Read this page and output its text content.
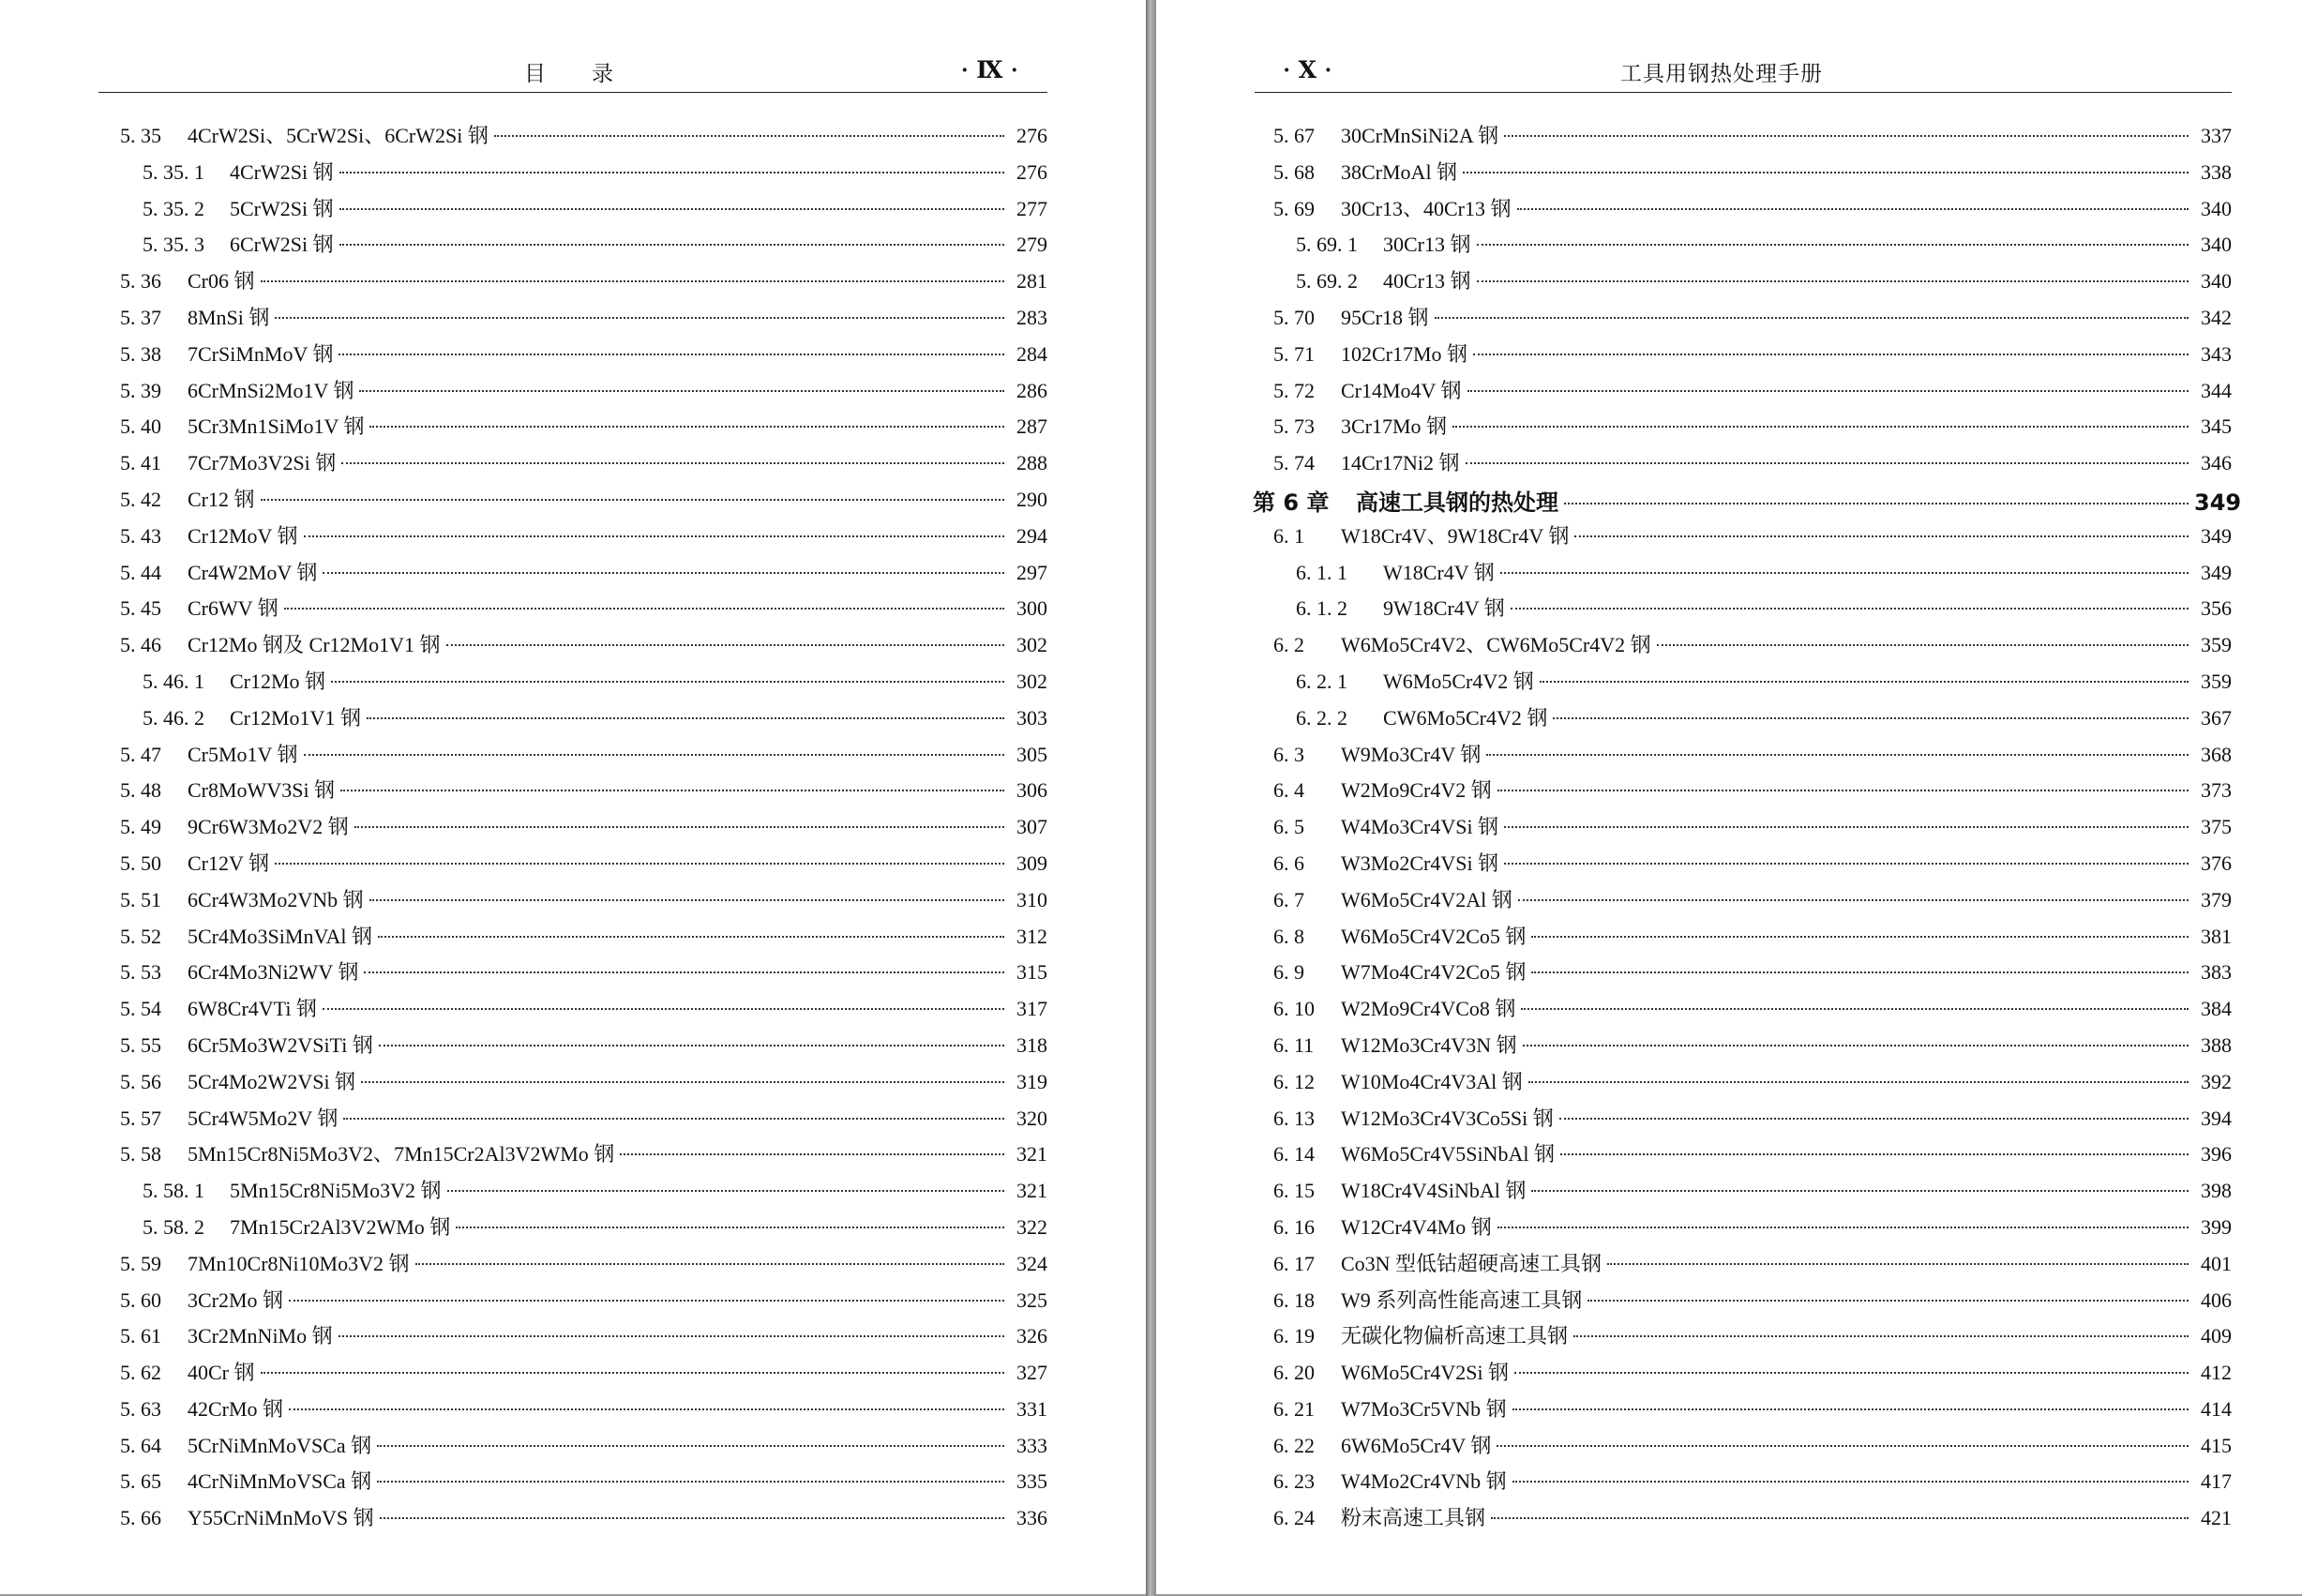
目　　录	· Ⅸ ·
5. 35	4CrW2Si、5CrW2Si、6CrW2Si 钢	276
5. 35. 1	4CrW2Si 钢	276
5. 35. 2	5CrW2Si 钢	277
5. 35. 3	6CrW2Si 钢	279
5. 36	Cr06 钢	281
5. 37	8MnSi 钢	283
5. 38	7CrSiMnMoV 钢	284
5. 39	6CrMnSi2Mo1V 钢	286
5. 40	5Cr3Mn1SiMo1V 钢	287
5. 41	7Cr7Mo3V2Si 钢	288
5. 42	Cr12 钢	290
5. 43	Cr12MoV 钢	294
5. 44	Cr4W2MoV 钢	297
5. 45	Cr6WV 钢	300
5. 46	Cr12Mo 钢及 Cr12Mo1V1 钢	302
5. 46. 1	Cr12Mo 钢	302
5. 46. 2	Cr12Mo1V1 钢	303
5. 47	Cr5Mo1V 钢	305
5. 48	Cr8MoWV3Si 钢	306
5. 49	9Cr6W3Mo2V2 钢	307
5. 50	Cr12V 钢	309
5. 51	6Cr4W3Mo2VNb 钢	310
5. 52	5Cr4Mo3SiMnVAl 钢	312
5. 53	6Cr4Mo3Ni2WV 钢	315
5. 54	6W8Cr4VTi 钢	317
5. 55	6Cr5Mo3W2VSiTi 钢	318
5. 56	5Cr4Mo2W2VSi 钢	319
5. 57	5Cr4W5Mo2V 钢	320
5. 58	5Mn15Cr8Ni5Mo3V2、7Mn15Cr2Al3V2WMo 钢	321
5. 58. 1	5Mn15Cr8Ni5Mo3V2 钢	321
5. 58. 2	7Mn15Cr2Al3V2WMo 钢	322
5. 59	7Mn10Cr8Ni10Mo3V2 钢	324
5. 60	3Cr2Mo 钢	325
5. 61	3Cr2MnNiMo 钢	326
5. 62	40Cr 钢	327
5. 63	42CrMo 钢	331
5. 64	5CrNiMnMoVSCa 钢	333
5. 65	4CrNiMnMoVSCa 钢	335
5. 66	Y55CrNiMnMoVS 钢	336
· Ⅹ ·	工具用钢热处理手册
5. 67	30CrMnSiNi2A 钢	337
5. 68	38CrMoAl 钢	338
5. 69	30Cr13、40Cr13 钢	340
5. 69. 1	30Cr13 钢	340
5. 69. 2	40Cr13 钢	340
5. 70	95Cr18 钢	342
5. 71	102Cr17Mo 钢	343
5. 72	Cr14Mo4V 钢	344
5. 73	3Cr17Mo 钢	345
5. 74	14Cr17Ni2 钢	346
第 6 章	高速工具钢的热处理	349
6. 1	W18Cr4V、9W18Cr4V 钢	349
6. 1. 1	W18Cr4V 钢	349
6. 1. 2	9W18Cr4V 钢	356
6. 2	W6Mo5Cr4V2、CW6Mo5Cr4V2 钢	359
6. 2. 1	W6Mo5Cr4V2 钢	359
6. 2. 2	CW6Mo5Cr4V2 钢	367
6. 3	W9Mo3Cr4V 钢	368
6. 4	W2Mo9Cr4V2 钢	373
6. 5	W4Mo3Cr4VSi 钢	375
6. 6	W3Mo2Cr4VSi 钢	376
6. 7	W6Mo5Cr4V2Al 钢	379
6. 8	W6Mo5Cr4V2Co5 钢	381
6. 9	W7Mo4Cr4V2Co5 钢	383
6. 10	W2Mo9Cr4VCo8 钢	384
6. 11	W12Mo3Cr4V3N 钢	388
6. 12	W10Mo4Cr4V3Al 钢	392
6. 13	W12Mo3Cr4V3Co5Si 钢	394
6. 14	W6Mo5Cr4V5SiNbAl 钢	396
6. 15	W18Cr4V4SiNbAl 钢	398
6. 16	W12Cr4V4Mo 钢	399
6. 17	Co3N 型低钴超硬高速工具钢	401
6. 18	W9 系列高性能高速工具钢	406
6. 19	无碳化物偏析高速工具钢	409
6. 20	W6Mo5Cr4V2Si 钢	412
6. 21	W7Mo3Cr5VNb 钢	414
6. 22	6W6Mo5Cr4V 钢	415
6. 23	W4Mo2Cr4VNb 钢	417
6. 24	粉末高速工具钢	421
